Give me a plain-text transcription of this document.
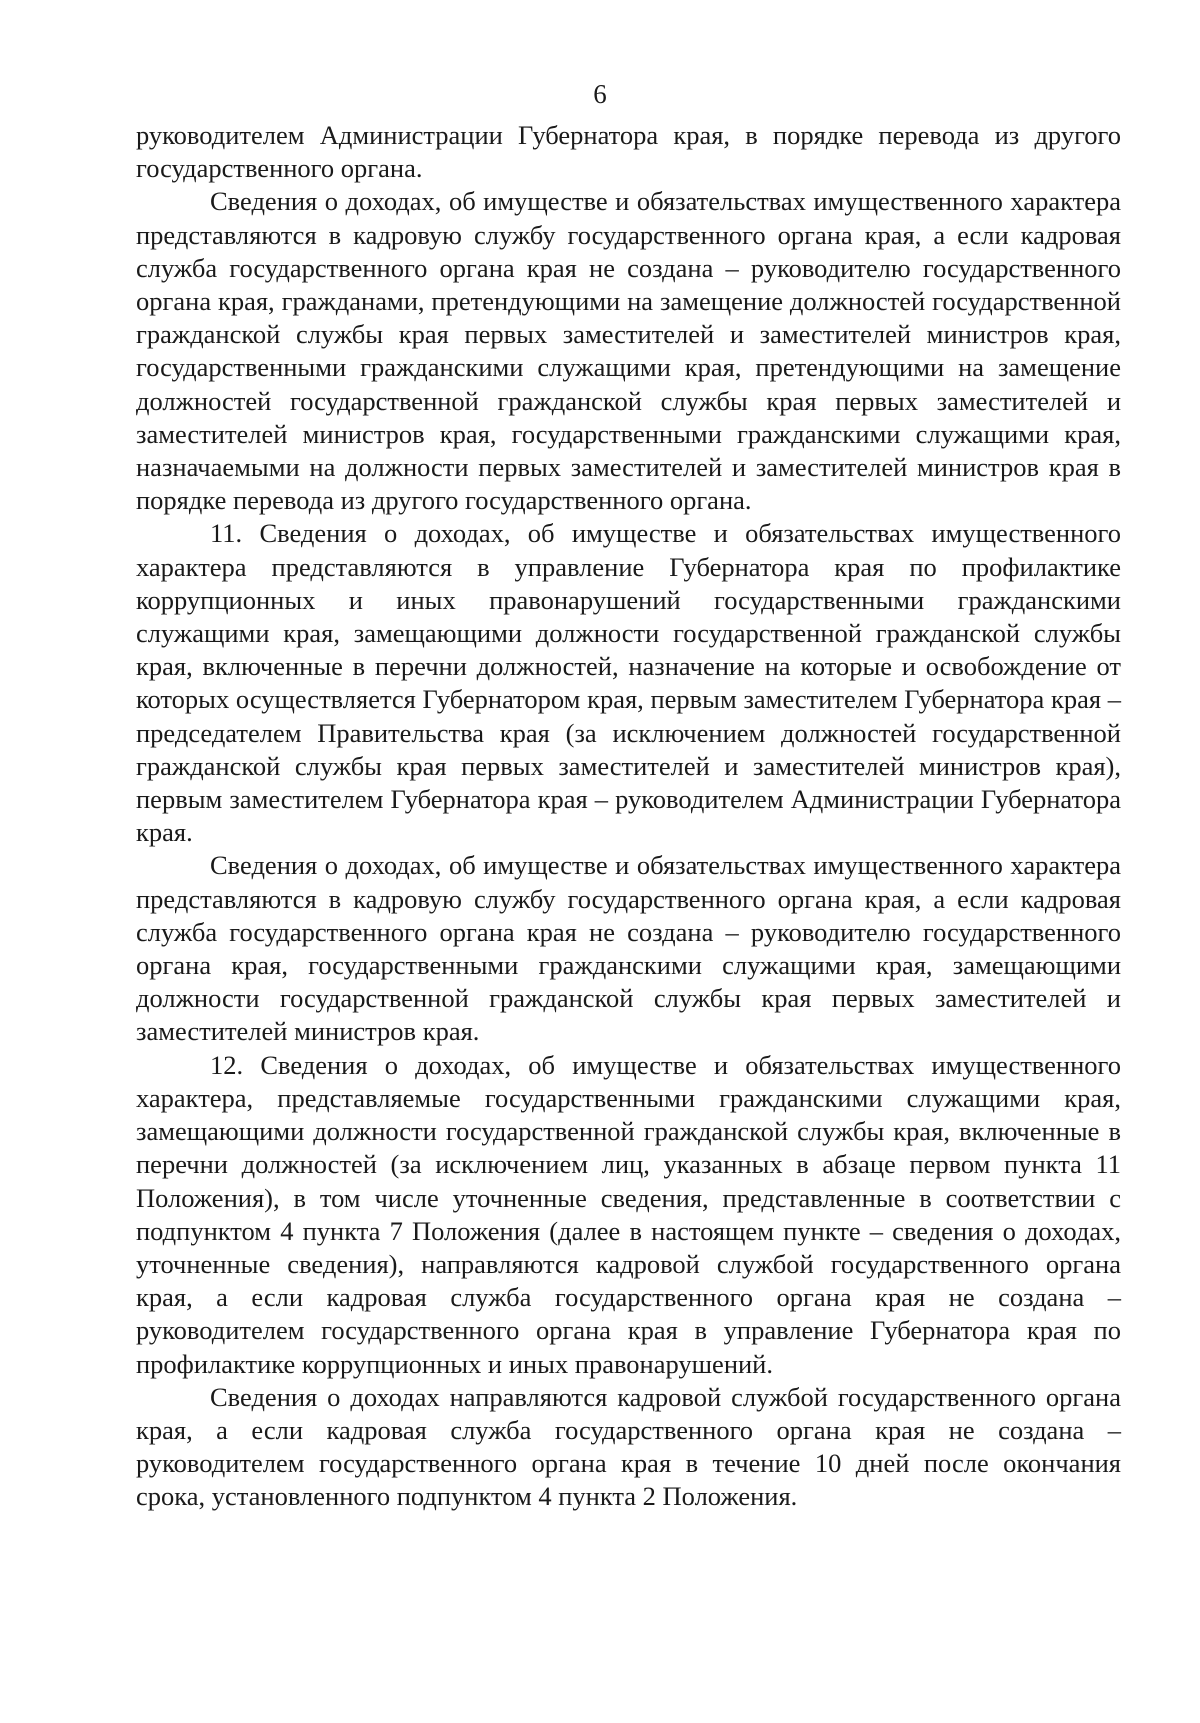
6

руководителем Администрации Губернатора края, в порядке перевода из другого государственного органа.

Сведения о доходах, об имуществе и обязательствах имущественного характера представляются в кадровую службу государственного органа края, а если кадровая служба государственного органа края не создана – руководителю государственного органа края, гражданами, претендующими на замещение должностей государственной гражданской службы края первых заместителей и заместителей министров края, государственными гражданскими служащими края, претендующими на замещение должностей государственной гражданской службы края первых заместителей и заместителей министров края, государственными гражданскими служащими края, назначаемыми на должности первых заместителей и заместителей министров края в порядке перевода из другого государственного органа.

11. Сведения о доходах, об имуществе и обязательствах имущественного характера представляются в управление Губернатора края по профилактике коррупционных и иных правонарушений государственными гражданскими служащими края, замещающими должности государственной гражданской службы края, включенные в перечни должностей, назначение на которые и освобождение от которых осуществляется Губернатором края, первым заместителем Губернатора края – председателем Правительства края (за исключением должностей государственной гражданской службы края первых заместителей и заместителей министров края), первым заместителем Губернатора края – руководителем Администрации Губернатора края.

Сведения о доходах, об имуществе и обязательствах имущественного характера представляются в кадровую службу государственного органа края, а если кадровая служба государственного органа края не создана – руководителю государственного органа края, государственными гражданскими служащими края, замещающими должности государственной гражданской службы края первых заместителей и заместителей министров края.

12. Сведения о доходах, об имуществе и обязательствах имущественного характера, представляемые государственными гражданскими служащими края, замещающими должности государственной гражданской службы края, включенные в перечни должностей (за исключением лиц, указанных в абзаце первом пункта 11 Положения), в том числе уточненные сведения, представленные в соответствии с подпунктом 4 пункта 7 Положения (далее в настоящем пункте – сведения о доходах, уточненные сведения), направляются кадровой службой государственного органа края, а если кадровая служба государственного органа края не создана – руководителем государственного органа края в управление Губернатора края по профилактике коррупционных и иных правонарушений.

Сведения о доходах направляются кадровой службой государственного органа края, а если кадровая служба государственного органа края не создана – руководителем государственного органа края в течение 10 дней после окончания срока, установленного подпунктом 4 пункта 2 Положения.
